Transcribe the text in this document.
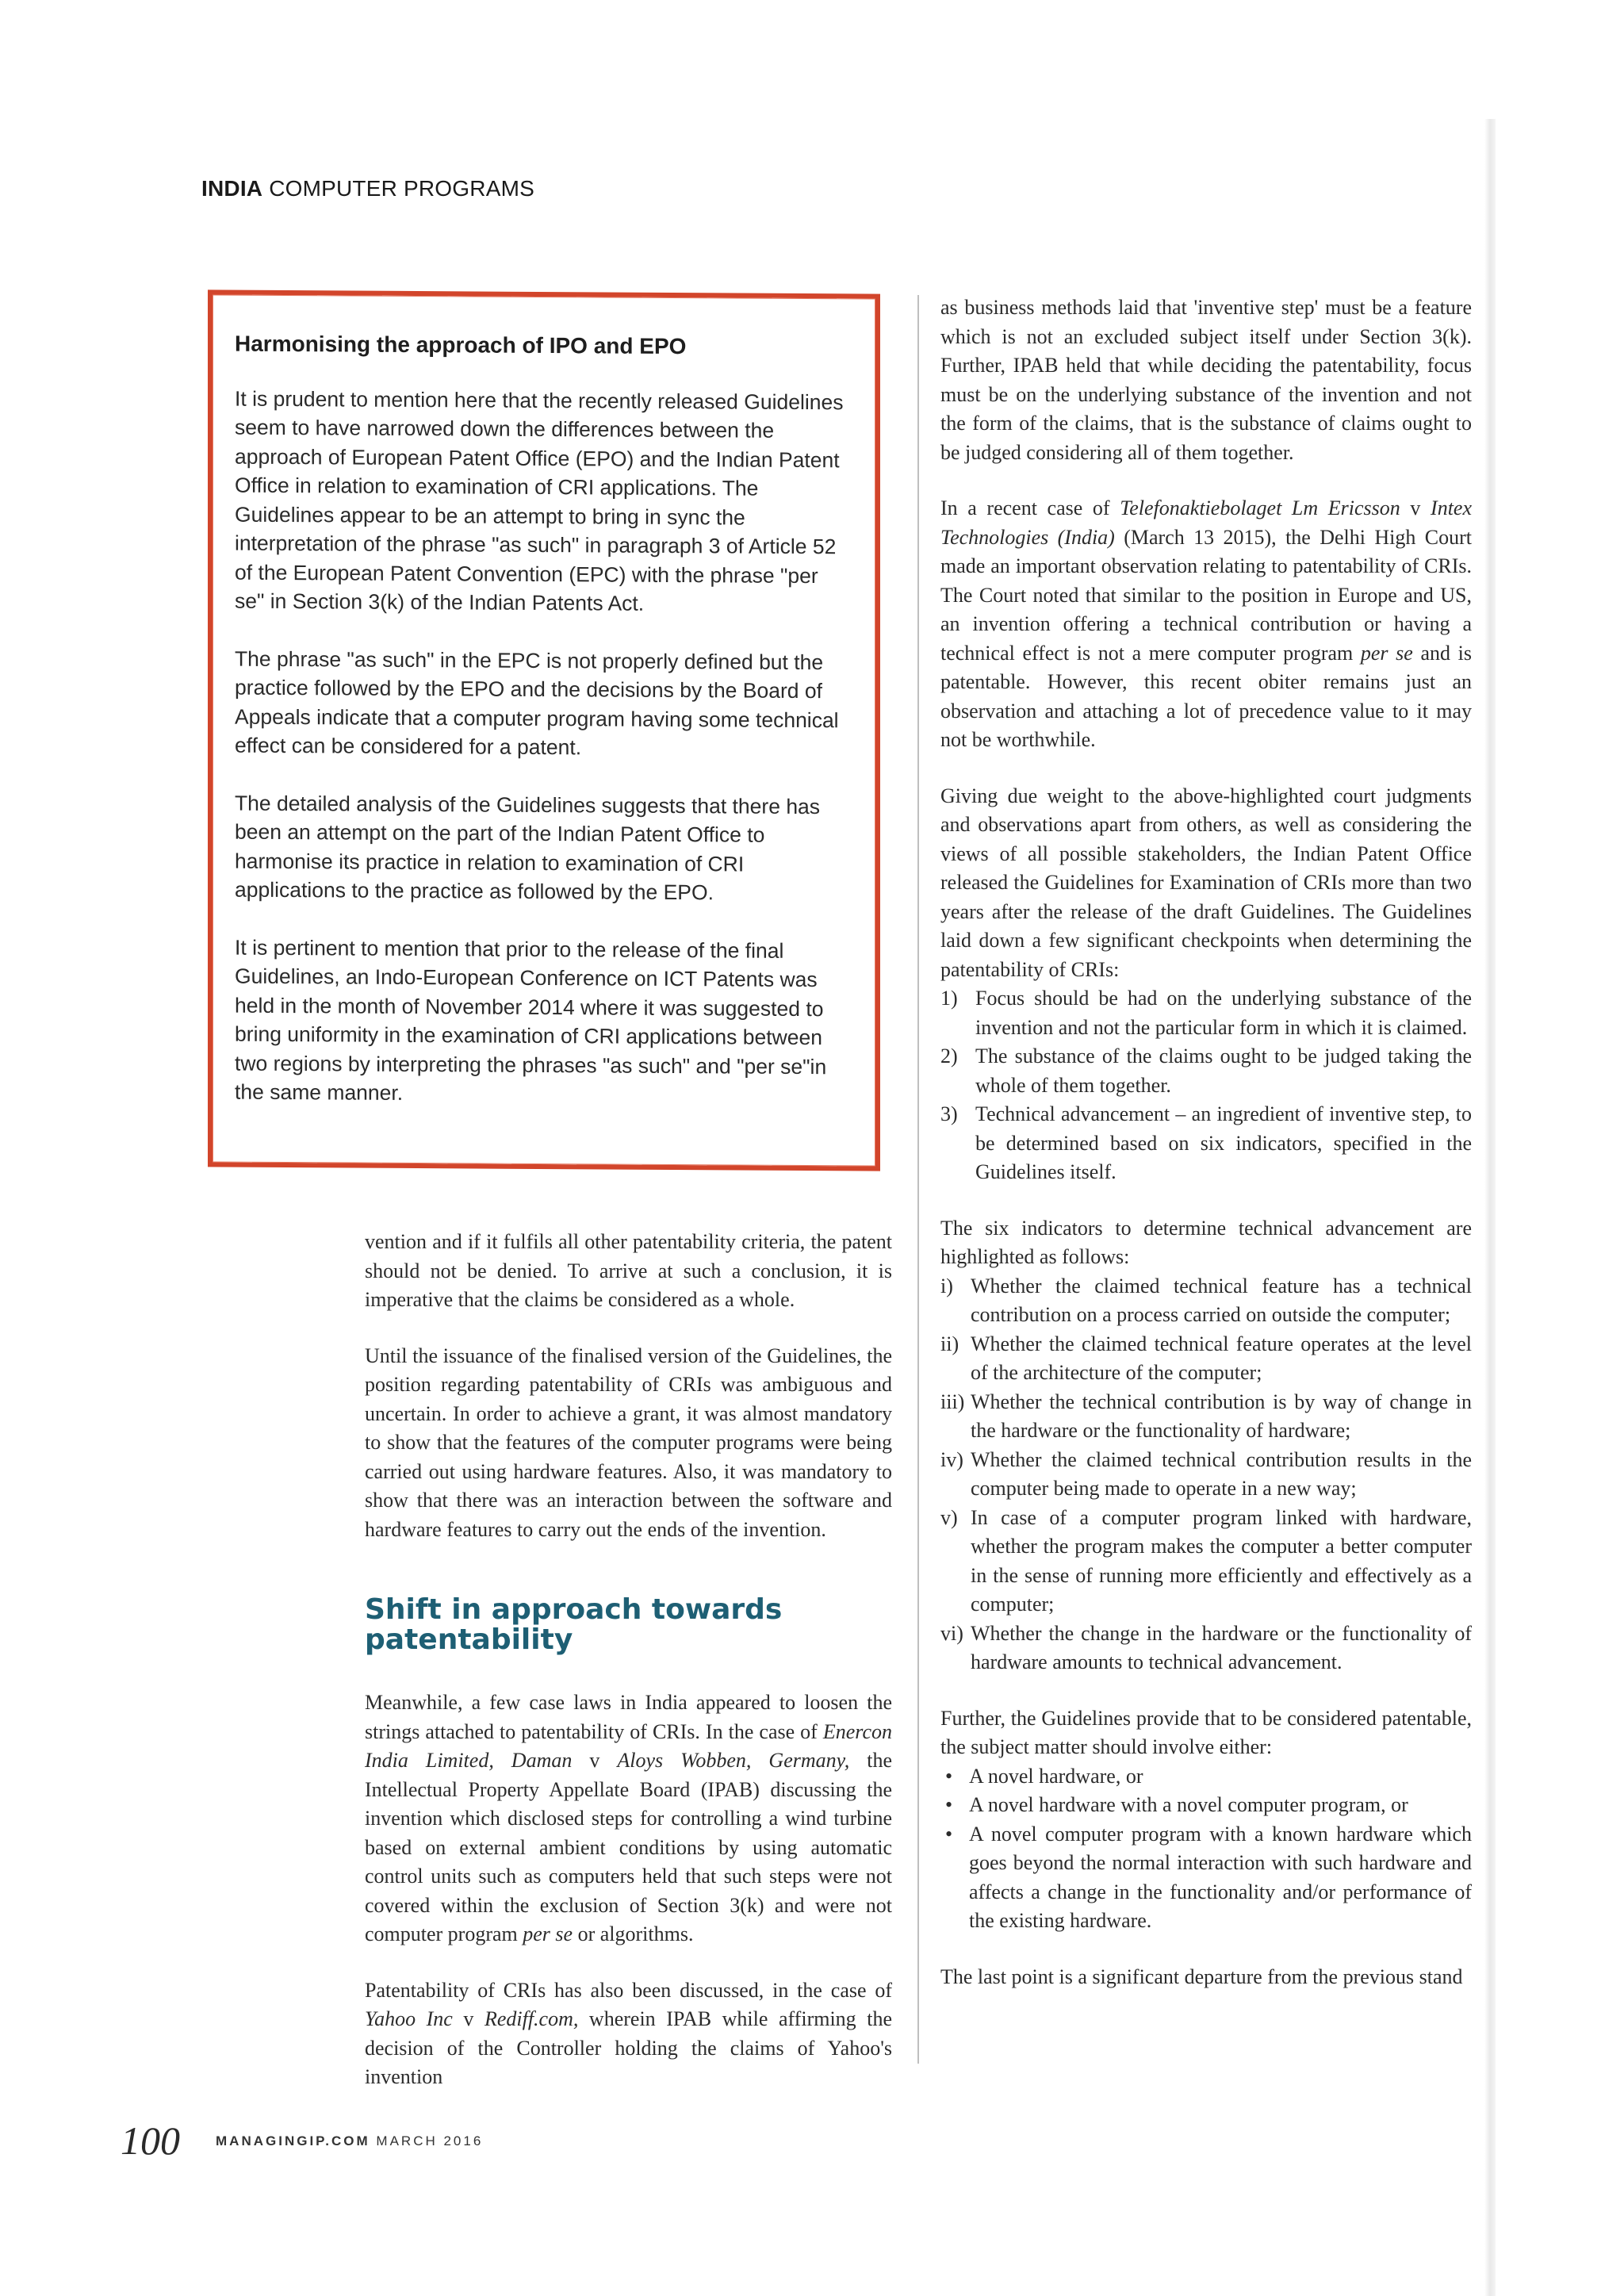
INDIA COMPUTER PROGRAMS
Harmonising the approach of IPO and EPO

It is prudent to mention here that the recently released Guidelines seem to have narrowed down the differences between the approach of European Patent Office (EPO) and the Indian Patent Office in relation to examination of CRI applications. The Guidelines appear to be an attempt to bring in sync the interpretation of the phrase "as such" in paragraph 3 of Article 52 of the European Patent Convention (EPC) with the phrase "per se" in Section 3(k) of the Indian Patents Act.

The phrase "as such" in the EPC is not properly defined but the practice followed by the EPO and the decisions by the Board of Appeals indicate that a computer program having some technical effect can be considered for a patent.

The detailed analysis of the Guidelines suggests that there has been an attempt on the part of the Indian Patent Office to harmonise its practice in relation to examination of CRI applications to the practice as followed by the EPO.

It is pertinent to mention that prior to the release of the final Guidelines, an Indo-European Conference on ICT Patents was held in the month of November 2014 where it was suggested to bring uniformity in the examination of CRI applications between two regions by interpreting the phrases "as such" and "per se"in the same manner.

vention and if it fulfils all other patentability criteria, the patent should not be denied. To arrive at such a conclusion, it is imperative that the claims be considered as a whole.

Until the issuance of the finalised version of the Guidelines, the position regarding patentability of CRIs was ambiguous and uncertain. In order to achieve a grant, it was almost mandatory to show that the features of the computer programs were being carried out using hardware features. Also, it was mandatory to show that there was an interaction between the software and hardware features to carry out the ends of the invention.

Shift in approach towards patentability

Meanwhile, a few case laws in India appeared to loosen the strings attached to patentability of CRIs. In the case of Enercon India Limited, Daman v Aloys Wobben, Germany, the Intellectual Property Appellate Board (IPAB) discussing the invention which disclosed steps for controlling a wind turbine based on external ambient conditions by using automatic control units such as computers held that such steps were not covered within the exclusion of Section 3(k) and were not computer program per se or algorithms.

Patentability of CRIs has also been discussed, in the case of Yahoo Inc v Rediff.com, wherein IPAB while affirming the decision of the Controller holding the claims of Yahoo's invention

as business methods laid that 'inventive step' must be a feature which is not an excluded subject itself under Section 3(k). Further, IPAB held that while deciding the patentability, focus must be on the underlying substance of the invention and not the form of the claims, that is the substance of claims ought to be judged considering all of them together.

In a recent case of Telefonaktiebolaget Lm Ericsson v Intex Technologies (India) (March 13 2015), the Delhi High Court made an important observation relating to patentability of CRIs. The Court noted that similar to the position in Europe and US, an invention offering a technical contribution or having a technical effect is not a mere computer program per se and is patentable. However, this recent obiter remains just an observation and attaching a lot of precedence value to it may not be worthwhile.

Giving due weight to the above-highlighted court judgments and observations apart from others, as well as considering the views of all possible stakeholders, the Indian Patent Office released the Guidelines for Examination of CRIs more than two years after the release of the draft Guidelines. The Guidelines laid down a few significant checkpoints when determining the patentability of CRIs:

1) Focus should be had on the underlying substance of the invention and not the particular form in which it is claimed.
2) The substance of the claims ought to be judged taking the whole of them together.
3) Technical advancement – an ingredient of inventive step, to be determined based on six indicators, specified in the Guidelines itself.

The six indicators to determine technical advancement are highlighted as follows:

i) Whether the claimed technical feature has a technical contribution on a process carried on outside the computer;
ii) Whether the claimed technical feature operates at the level of the architecture of the computer;
iii) Whether the technical contribution is by way of change in the hardware or the functionality of hardware;
iv) Whether the claimed technical contribution results in the computer being made to operate in a new way;
v) In case of a computer program linked with hardware, whether the program makes the computer a better computer in the sense of running more efficiently and effectively as a computer;
vi) Whether the change in the hardware or the functionality of hardware amounts to technical advancement.

Further, the Guidelines provide that to be considered patentable, the subject matter should involve either:

• A novel hardware, or
• A novel hardware with a novel computer program, or
• A novel computer program with a known hardware which goes beyond the normal interaction with such hardware and affects a change in the functionality and/or performance of the existing hardware.

The last point is a significant departure from the previous stand

100	MANAGINGIP.COM MARCH 2016
